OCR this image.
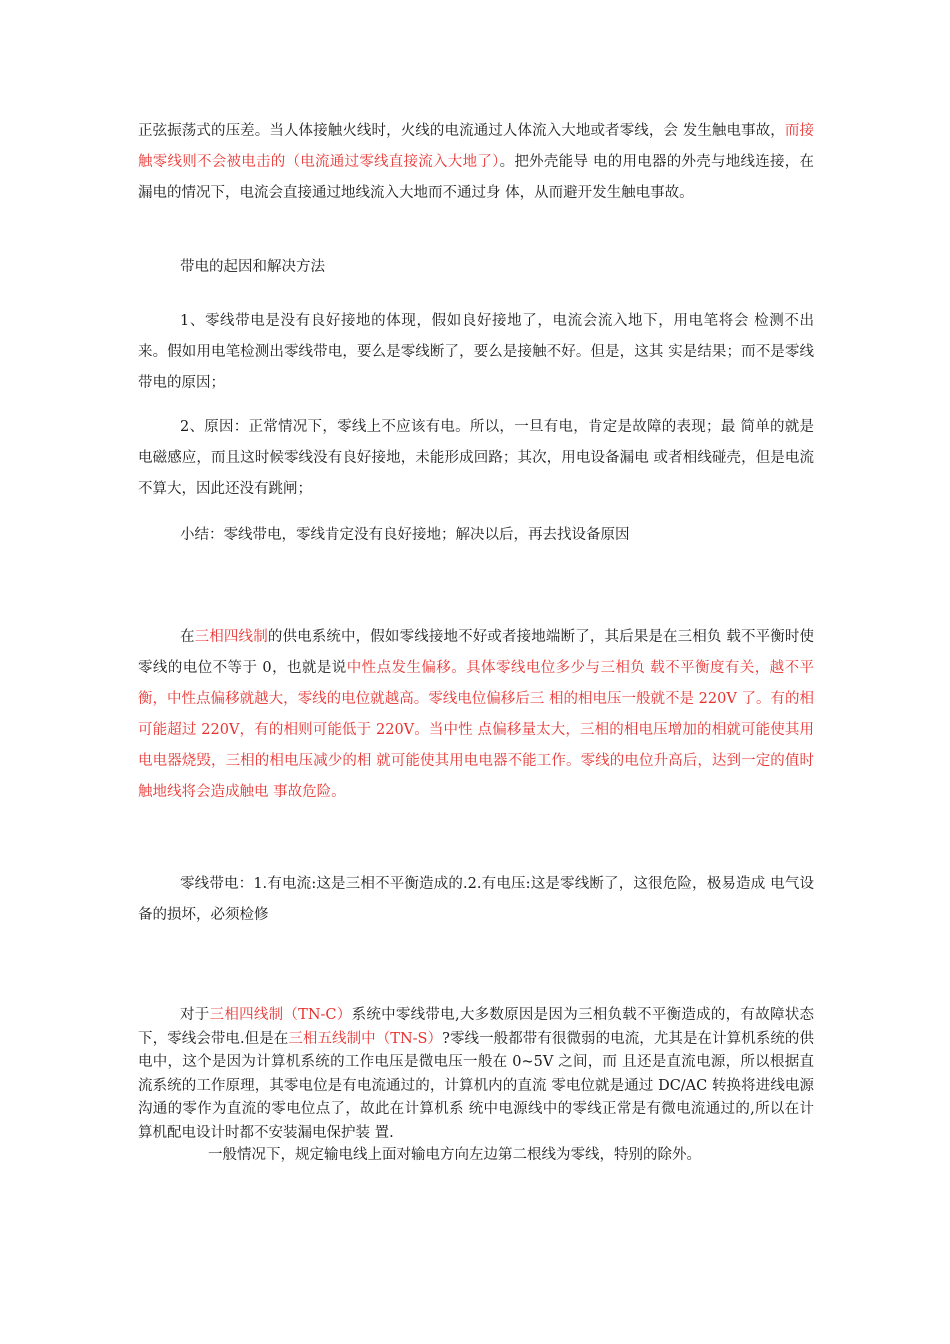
正弦振荡式的压差。当人体接触火线时，火线的电流通过人体流入大地或者零线，会 发生触电事故，而接触零线则不会被电击的（电流通过零线直接流入大地了）。把外壳能导 电的用电器的外壳与地线连接，在漏电的情况下，电流会直接通过地线流入大地而不通过身 体，从而避开发生触电事故。

带电的起因和解决方法

1、零线带电是没有良好接地的体现，假如良好接地了，电流会流入地下，用电笔将会 检测不出来。假如用电笔检测出零线带电，要么是零线断了，要么是接触不好。但是，这其 实是结果；而不是零线带电的原因；

2、原因：正常情况下，零线上不应该有电。所以，一旦有电，肯定是故障的表现；最 简单的就是电磁感应，而且这时候零线没有良好接地，未能形成回路；其次，用电设备漏电 或者相线碰壳，但是电流不算大，因此还没有跳闸；

小结：零线带电，零线肯定没有良好接地；解决以后，再去找设备原因

在三相四线制的供电系统中，假如零线接地不好或者接地端断了，其后果是在三相负 载不平衡时使零线的电位不等于 0，也就是说中性点发生偏移。具体零线电位多少与三相负 载不平衡度有关，越不平衡，中性点偏移就越大，零线的电位就越高。零线电位偏移后三 相的相电压一般就不是 220V 了。有的相可能超过 220V，有的相则可能低于 220V。当中性 点偏移量太大，三相的相电压增加的相就可能使其用电电器烧毁，三相的相电压减少的相 就可能使其用电电器不能工作。零线的电位升高后，达到一定的值时触地线将会造成触电 事故危险。

零线带电：1.有电流:这是三相不平衡造成的.2.有电压:这是零线断了，这很危险，极易造成 电气设备的损坏，必须检修

对于三相四线制（TN-C）系统中零线带电,大多数原因是因为三相负载不平衡造成的，有故障状态下，零线会带电.但是在三相五线制中（TN-S）?零线一般都带有很微弱的电流，尤其是在计算机系统的供电中，这个是因为计算机系统的工作电压是微电压一般在 0~5V 之间，而 且还是直流电源，所以根据直流系统的工作原理，其零电位是有电流通过的，计算机内的直流 零电位就是通过 DC/AC 转换将进线电源沟通的零作为直流的零电位点了，故此在计算机系 统中电源线中的零线正常是有微电流通过的,所以在计算机配电设计时都不安装漏电保护装 置.

一般情况下，规定输电线上面对输电方向左边第二根线为零线，特别的除外。
